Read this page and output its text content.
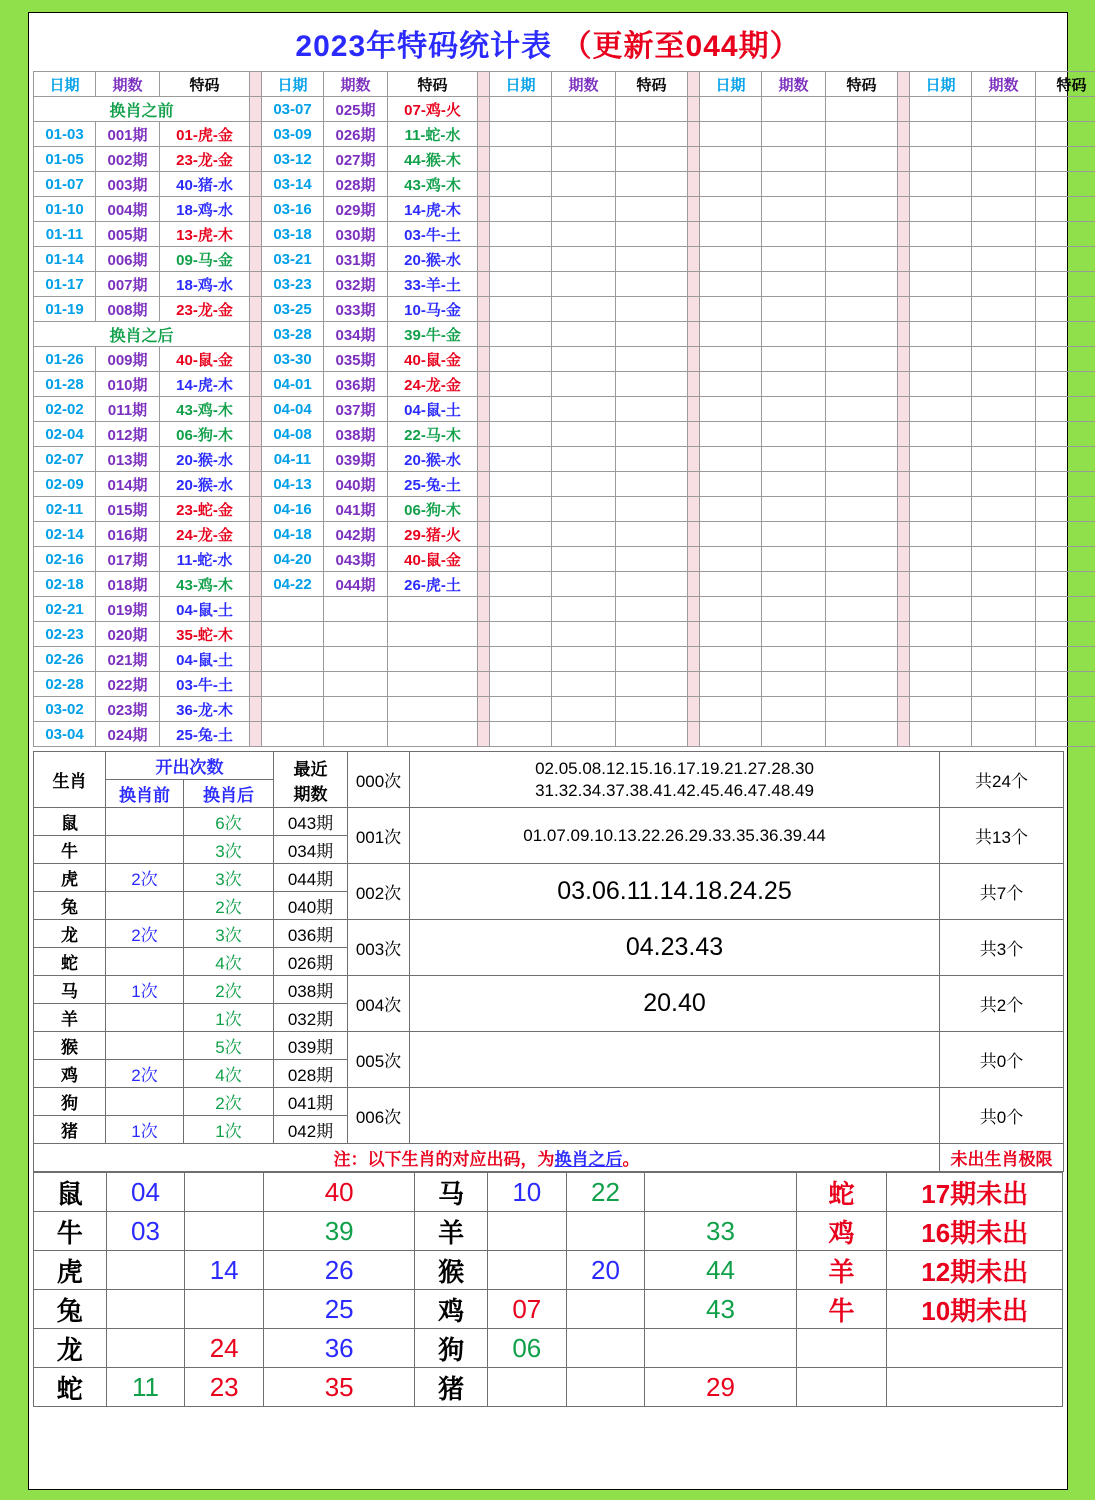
2023年特码统计表 （更新至044期）
日期	期数	特码		日期	期数	特码		日期	期数	特码		日期	期数	特码		日期	期数	特码
换肖之前				03-07	025期	07-鸡-火												
01-03	001期	01-虎-金		03-09	026期	11-蛇-水												
01-05	002期	23-龙-金		03-12	027期	44-猴-木												
01-07	003期	40-猪-水		03-14	028期	43-鸡-木												
01-10	004期	18-鸡-水		03-16	029期	14-虎-木												
01-11	005期	13-虎-木		03-18	030期	03-牛-土												
01-14	006期	09-马-金		03-21	031期	20-猴-水												
01-17	007期	18-鸡-水		03-23	032期	33-羊-土												
01-19	008期	23-龙-金		03-25	033期	10-马-金												
换肖之后				03-28	034期	39-牛-金												
01-26	009期	40-鼠-金		03-30	035期	40-鼠-金												
01-28	010期	14-虎-木		04-01	036期	24-龙-金												
02-02	011期	43-鸡-木		04-04	037期	04-鼠-土												
02-04	012期	06-狗-木		04-08	038期	22-马-木												
02-07	013期	20-猴-水		04-11	039期	20-猴-水												
02-09	014期	20-猴-水		04-13	040期	25-兔-土												
02-11	015期	23-蛇-金		04-16	041期	06-狗-木												
02-14	016期	24-龙-金		04-18	042期	29-猪-火												
02-16	017期	11-蛇-水		04-20	043期	40-鼠-金												
02-18	018期	43-鸡-木		04-22	044期	26-虎-土												
02-21	019期	04-鼠-土																
02-23	020期	35-蛇-木																
02-26	021期	04-鼠-土																
02-28	022期	03-牛-土																
03-02	023期	36-龙-木																
03-04	024期	25-兔-土																
生肖	开出次数	最近
期数
	000次	
02.05.08.12.15.16.17.19.21.27.28.30
31.32.34.37.38.41.42.45.46.47.48.49	共24个
	换肖前	换肖后				
鼠		6次	043期	001次	01.07.09.10.13.22.26.29.33.35.36.39.44	共13个
牛		3次	034期			
虎	2次	3次	044期	002次	03.06.11.14.18.24.25	共7个
兔		2次	040期			
龙	2次	3次	036期	003次	04.23.43	共3个
蛇		4次	026期			
马	1次	2次	038期	004次	20.40	共2个
羊		1次	032期			
猴		5次	039期	005次		共0个
鸡	2次	4次	028期			
狗		2次	041期	006次		共0个
猪	1次	1次	042期			
注：以下生肖的对应出码，为换肖之后。						未出生肖极限
鼠	04		40	马	10	22		蛇	17期未出
牛	03		39	羊			33	鸡	16期未出
虎		14	26	猴		20	44	羊	12期未出
兔			25	鸡	07		43	牛	10期未出
龙		24	36	狗	06				
蛇	11	23	35	猪			29		
